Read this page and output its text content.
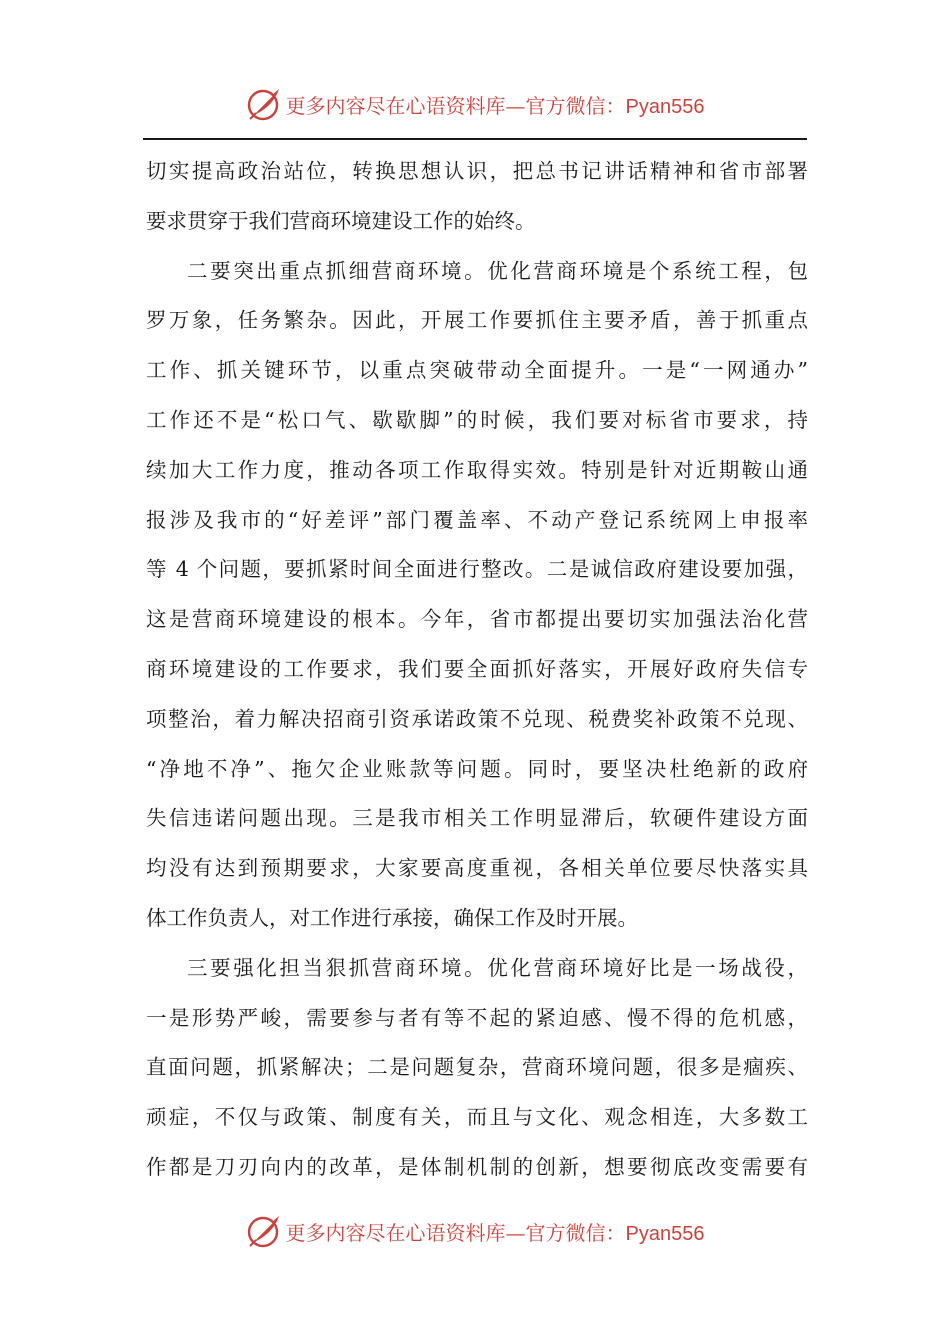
更多内容尽在心语资料库—官方微信：Pyan556
切实提高政治站位，转换思想认识，把总书记讲话精神和省市部署
要求贯穿于我们营商环境建设工作的始终。
二要突出重点抓细营商环境。优化营商环境是个系统工程，包
罗万象，任务繁杂。因此，开展工作要抓住主要矛盾，善于抓重点
工作、抓关键环节，以重点突破带动全面提升。一是“一网通办”
工作还不是“松口气、歇歇脚”的时候，我们要对标省市要求，持
续加大工作力度，推动各项工作取得实效。特别是针对近期鞍山通
报涉及我市的“好差评”部门覆盖率、不动产登记系统网上申报率
等 4 个问题，要抓紧时间全面进行整改。二是诚信政府建设要加强，
这是营商环境建设的根本。今年，省市都提出要切实加强法治化营
商环境建设的工作要求，我们要全面抓好落实，开展好政府失信专
项整治，着力解决招商引资承诺政策不兑现、税费奖补政策不兑现、
“净地不净”、拖欠企业账款等问题。同时，要坚决杜绝新的政府
失信违诺问题出现。三是我市相关工作明显滞后，软硬件建设方面
均没有达到预期要求，大家要高度重视，各相关单位要尽快落实具
体工作负责人，对工作进行承接，确保工作及时开展。
三要强化担当狠抓营商环境。优化营商环境好比是一场战役，
一是形势严峻，需要参与者有等不起的紧迫感、慢不得的危机感，
直面问题，抓紧解决；二是问题复杂，营商环境问题，很多是痼疾、
顽症，不仅与政策、制度有关，而且与文化、观念相连，大多数工
作都是刀刃向内的改革，是体制机制的创新，想要彻底改变需要有
更多内容尽在心语资料库—官方微信：Pyan556
